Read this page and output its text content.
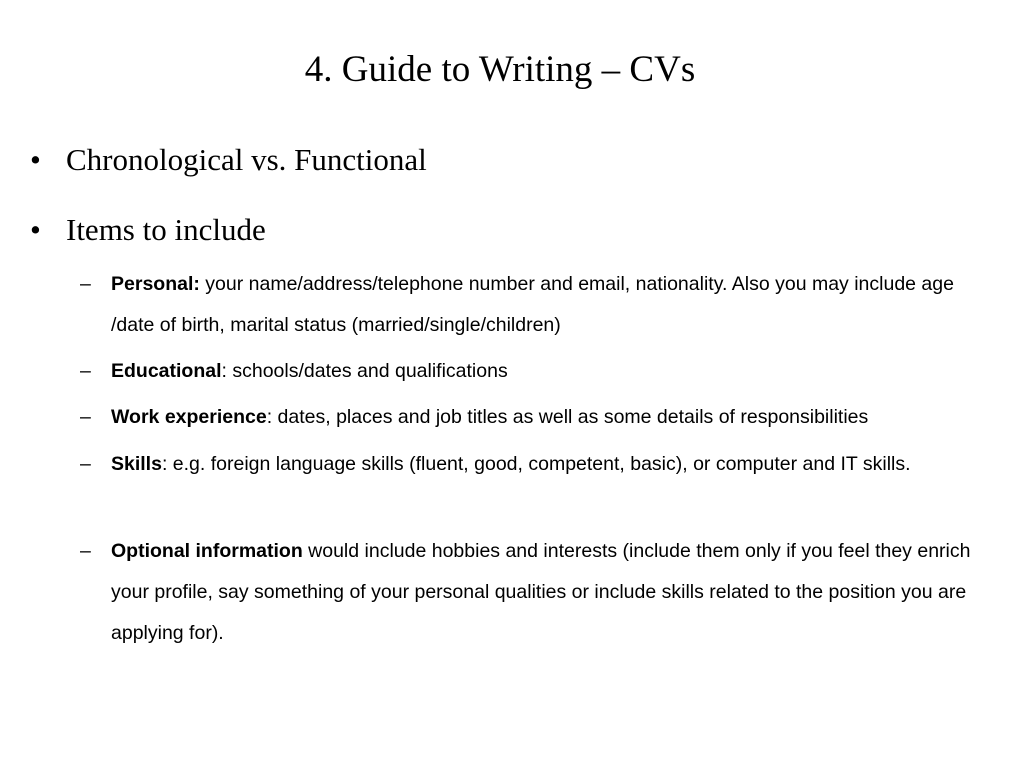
4. Guide to Writing – CVs
• Chronological vs. Functional
• Items to include
– Personal: your name/address/telephone number and email, nationality. Also you may include age /date of birth, marital status (married/single/children)
– Educational: schools/dates and qualifications
– Work experience: dates, places and job titles as well as some details of responsibilities
– Skills: e.g. foreign language skills (fluent, good, competent, basic), or computer and IT skills.
– Optional information would include hobbies and interests (include them only if you feel they enrich your profile, say something of your personal qualities or include skills related to the position you are applying for).
